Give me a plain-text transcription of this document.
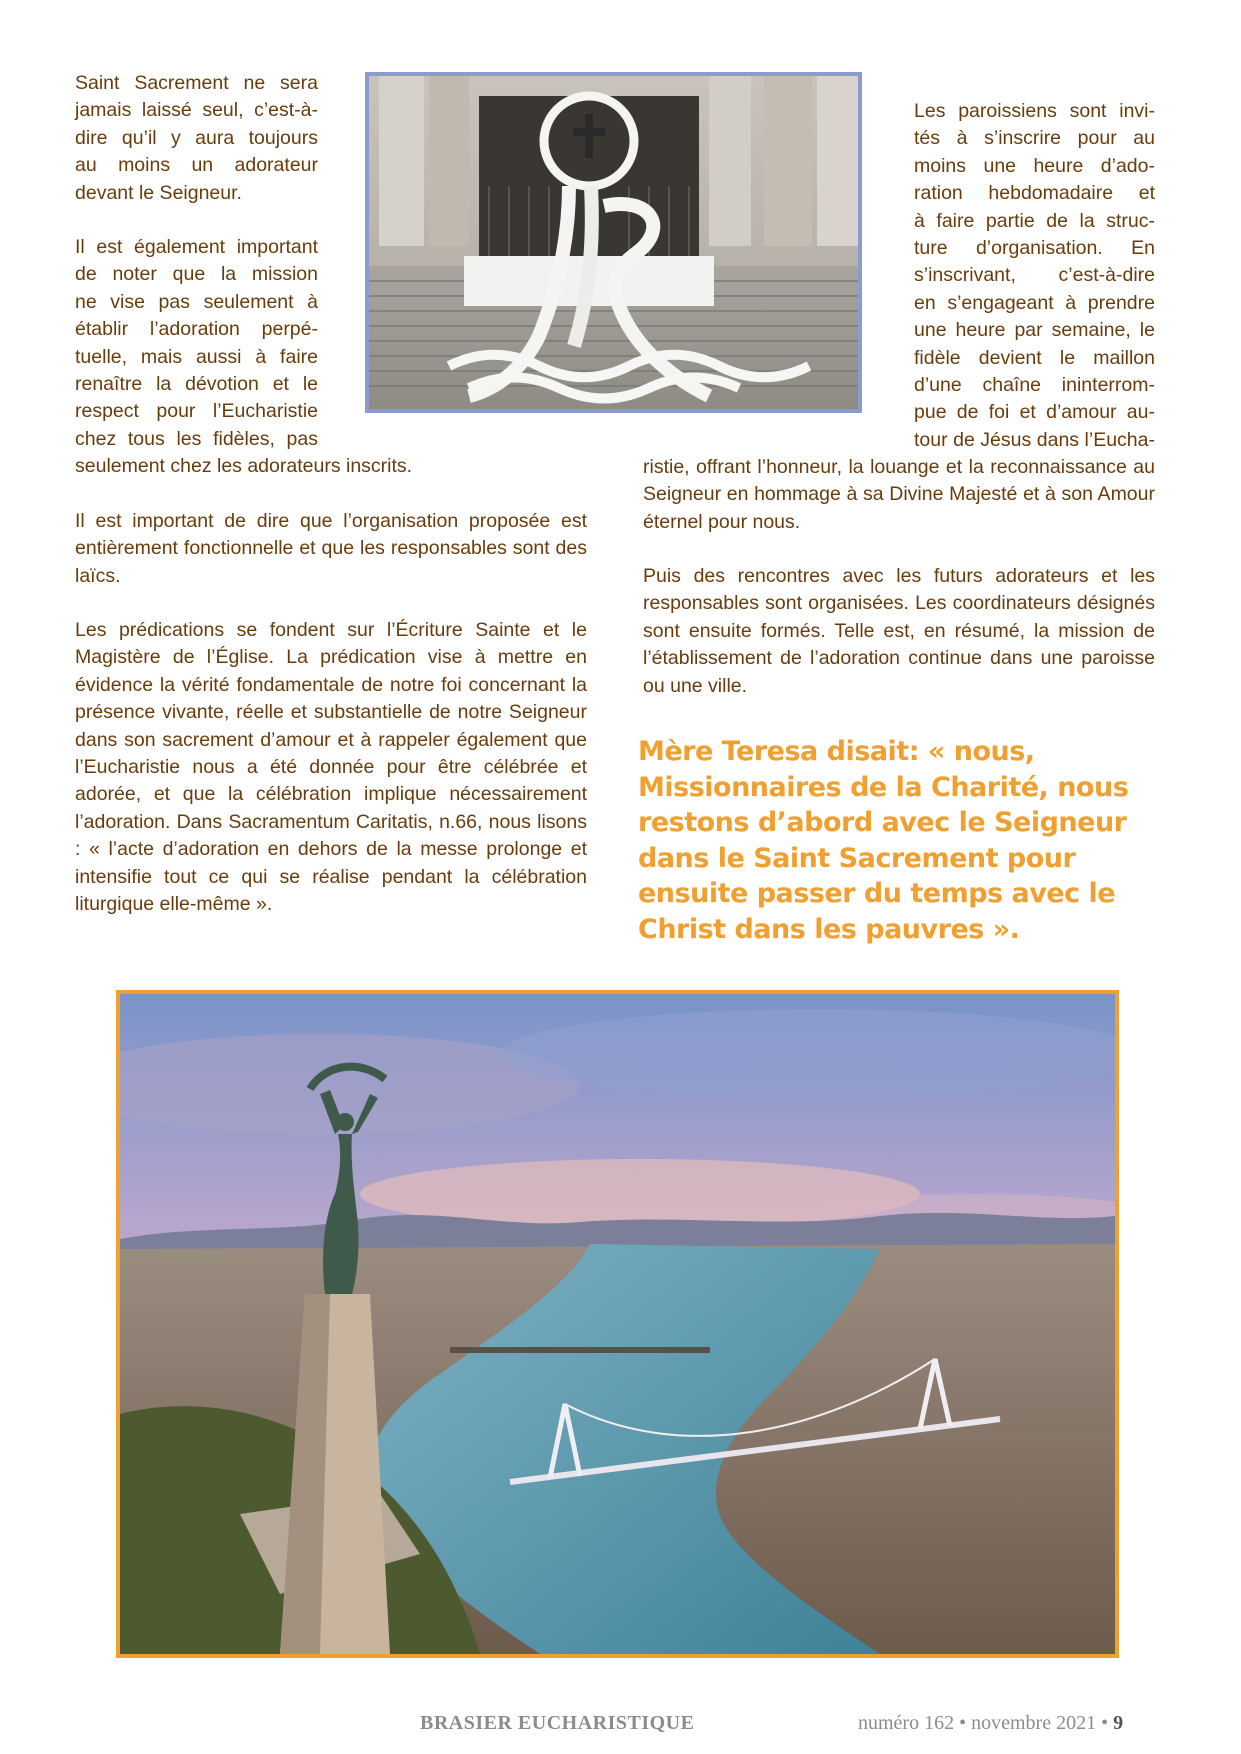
Saint Sacrement ne sera

jamais laissé seul, c’est-à-

dire qu’il y aura toujours

au moins un adorateur

devant le Seigneur.

Il est également important

de noter que la mission

ne vise pas seulement à

établir l’adoration perpé-

tuelle, mais aussi à faire

renaître la dévotion et le

respect pour l’Eucharistie

chez tous les fidèles, pas

seulement chez les adorateurs inscrits.

Il est important de dire que l’organisation proposée est entièrement fonctionnelle et que les responsables sont des laïcs.

Les prédications se fondent sur l’Écriture Sainte et le Magistère de l’Église. La prédication vise à mettre en évidence la vérité fondamentale de notre foi concernant la présence vivante, réelle et substantielle de notre Seigneur dans son sacrement d’amour et à rappeler également que l’Eucharistie nous a été donnée pour être célébrée et adorée, et que la célébration implique nécessairement l’adoration. Dans Sacramentum Caritatis, n.66, nous lisons : « l’acte d’adoration en dehors de la messe prolonge et intensifie tout ce qui se réalise pendant la célébration liturgique elle-même ».

Les paroissiens sont invi-

tés à s’inscrire pour au

moins une heure d’ado-

ration hebdomadaire et

à faire partie de la struc-

ture d’organisation. En

s’inscrivant, c’est-à-dire

en s’engageant à prendre

une heure par semaine, le

fidèle devient le maillon

d’une chaîne ininterrom-

pue de foi et d’amour au-

tour de Jésus dans l’Eucha-

ristie, offrant l’honneur, la louange et la reconnaissance au Seigneur en hommage à sa Divine Majesté et à son Amour éternel pour nous.

Puis des rencontres avec les futurs adorateurs et les responsables sont organisées. Les coordinateurs désignés sont ensuite formés. Telle est, en résumé, la mission de l’établissement de l’adoration continue dans une paroisse ou une ville.

Mère Teresa disait: « nous, Missionnaires de la Charité, nous restons d’abord avec le Seigneur dans le Saint Sacrement pour ensuite passer du temps avec le Christ dans les pauvres ».

BRASIER EUCHARISTIQUE	numéro 162 • novembre 2021 • 9
